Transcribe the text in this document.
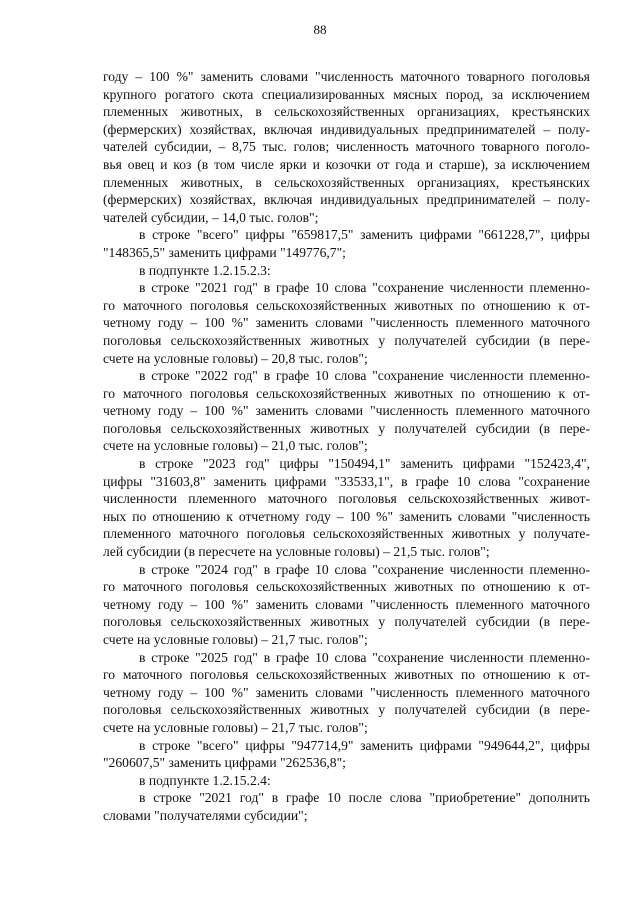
88
году – 100 %" заменить словами "численность маточного товарного поголовья
крупного рогатого скота специализированных мясных пород, за исключением
племенных животных, в сельскохозяйственных организациях, крестьянских
(фермерских) хозяйствах, включая индивидуальных предпринимателей – полу-
чателей субсидии, – 8,75 тыс. голов; численность маточного товарного поголо-
вья овец и коз (в том числе ярки и козочки от года и старше), за исключением
племенных животных, в сельскохозяйственных организациях, крестьянских
(фермерских) хозяйствах, включая индивидуальных предпринимателей – полу-
чателей субсидии, – 14,0 тыс. голов";
в строке "всего" цифры "659817,5" заменить цифрами "661228,7", цифры
"148365,5" заменить цифрами "149776,7";
в подпункте 1.2.15.2.3:
в строке "2021 год" в графе 10 слова "сохранение численности племенно-
го маточного поголовья сельскохозяйственных животных по отношению к от-
четному году – 100 %" заменить словами "численность племенного маточного
поголовья сельскохозяйственных животных у получателей субсидии (в пере-
счете на условные головы) – 20,8 тыс. голов";
в строке "2022 год" в графе 10 слова "сохранение численности племенно-
го маточного поголовья сельскохозяйственных животных по отношению к от-
четному году – 100 %" заменить словами "численность племенного маточного
поголовья сельскохозяйственных животных у получателей субсидии (в пере-
счете на условные головы) – 21,0 тыс. голов";
в строке "2023 год" цифры "150494,1" заменить цифрами "152423,4",
цифры "31603,8" заменить цифрами "33533,1", в графе 10 слова "сохранение
численности племенного маточного поголовья сельскохозяйственных живот-
ных по отношению к отчетному году – 100 %" заменить словами "численность
племенного маточного поголовья сельскохозяйственных животных у получате-
лей субсидии (в пересчете на условные головы) – 21,5 тыс. голов";
в строке "2024 год" в графе 10 слова "сохранение численности племенно-
го маточного поголовья сельскохозяйственных животных по отношению к от-
четному году – 100 %" заменить словами "численность племенного маточного
поголовья сельскохозяйственных животных у получателей субсидии (в пере-
счете на условные головы) – 21,7 тыс. голов";
в строке "2025 год" в графе 10 слова "сохранение численности племенно-
го маточного поголовья сельскохозяйственных животных по отношению к от-
четному году – 100 %" заменить словами "численность племенного маточного
поголовья сельскохозяйственных животных у получателей субсидии (в пере-
счете на условные головы) – 21,7 тыс. голов";
в строке "всего" цифры "947714,9" заменить цифрами "949644,2", цифры
"260607,5" заменить цифрами "262536,8";
в подпункте 1.2.15.2.4:
в строке "2021 год" в графе 10 после слова "приобретение" дополнить
словами "получателями субсидии";
